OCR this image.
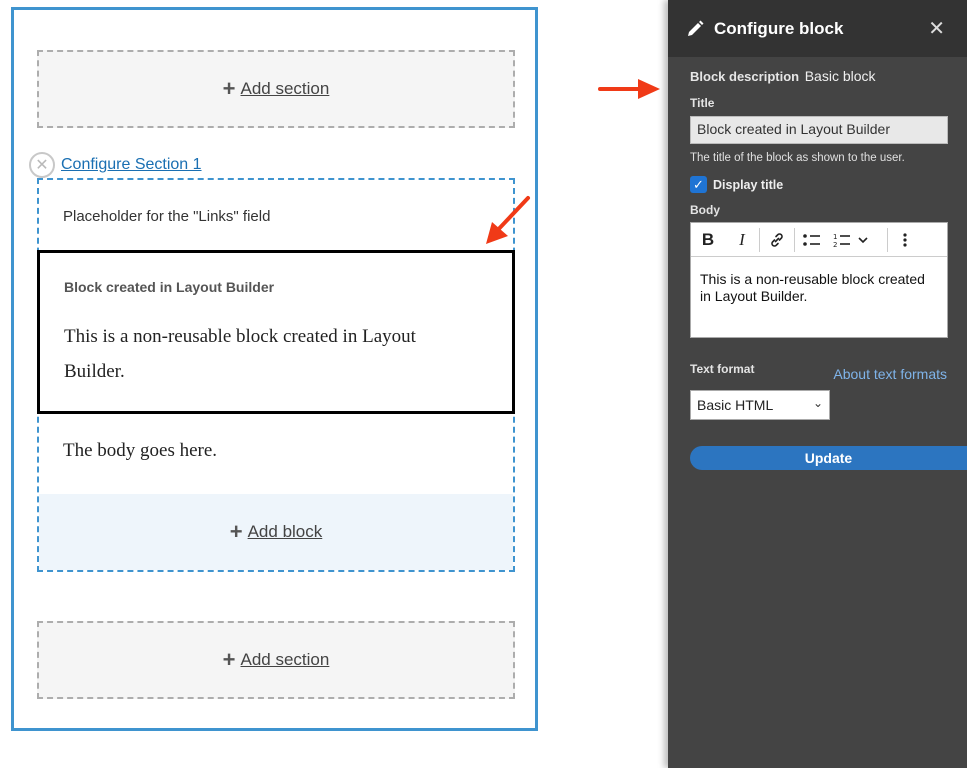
+ Add section
✕ Configure Section 1
Placeholder for the "Links" field
Block created in Layout Builder
This is a non-reusable block created in Layout Builder.
The body goes here.
+ Add block
+ Add section
Configure block	✕
Block description Basic block
Title
Block created in Layout Builder
The title of the block as shown to the user.
✓ Display title
Body
B	I	1
2
This is a non-reusable block created in Layout Builder.
Text format	About text formats
Basic HTML	⌄
Update
